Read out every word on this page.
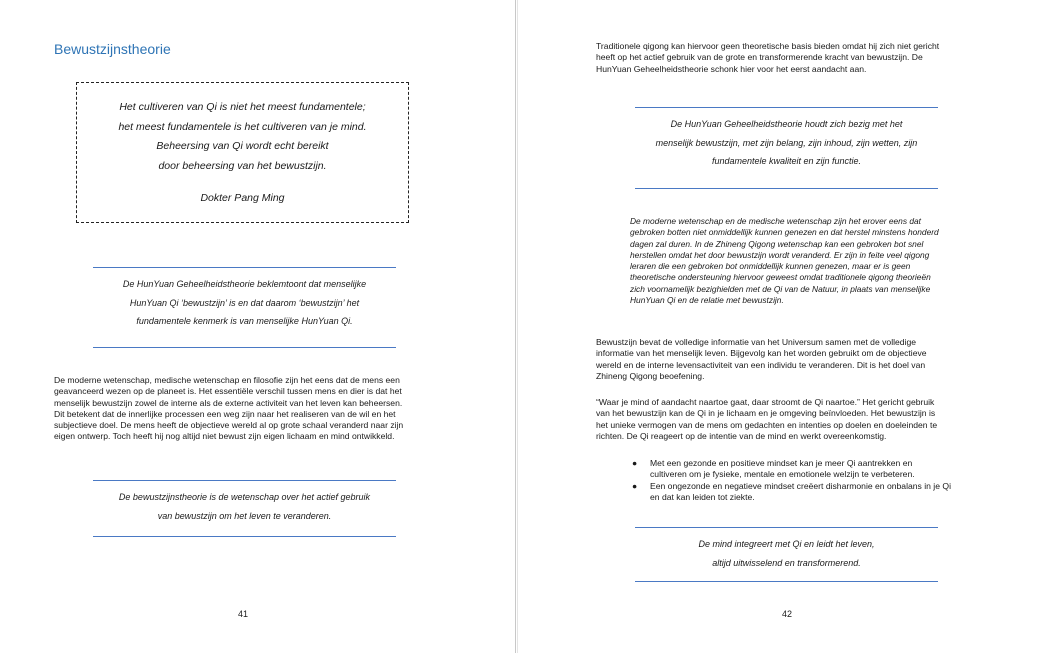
Bewustzijnstheorie
Het cultiveren van Qi is niet het meest fundamentele;
het meest fundamentele is het cultiveren van je mind.
Beheersing van Qi wordt echt bereikt
door beheersing van het bewustzijn.
Dokter Pang Ming
De HunYuan Geheelheidstheorie beklemtoont dat menselijke
HunYuan Qi ‘bewustzijn’ is en dat daarom ‘bewustzijn’ het
fundamentele kenmerk is van menselijke HunYuan Qi.

De moderne wetenschap, medische wetenschap en filosofie zijn het eens dat de mens een

geavanceerd wezen op de planeet is. Het essentiële verschil tussen mens en dier is dat het

menselijk bewustzijn zowel de interne als de externe activiteit van het leven kan beheersen.

Dit betekent dat de innerlijke processen een weg zijn naar het realiseren van de wil en het

subjectieve doel. De mens heeft de objectieve wereld al op grote schaal veranderd naar zijn

eigen ontwerp. Toch heeft hij nog altijd niet bewust zijn eigen lichaam en mind ontwikkeld.

De bewustzijnstheorie is de wetenschap over het actief gebruik
van bewustzijn om het leven te veranderen.
41

Traditionele qigong kan hiervoor geen theoretische basis bieden omdat hij zich niet gericht

heeft op het actief gebruik van de grote en transformerende kracht van bewustzijn. De

HunYuan Geheelheidstheorie schonk hier voor het eerst aandacht aan.

De HunYuan Geheelheidstheorie houdt zich bezig met het
menselijk bewustzijn, met zijn belang, zijn inhoud, zijn wetten, zijn
fundamentele kwaliteit en zijn functie.
De moderne wetenschap en de medische wetenschap zijn het erover eens dat
gebroken botten niet onmiddellijk kunnen genezen en dat herstel minstens honderd
dagen zal duren. In de Zhineng Qigong wetenschap kan een gebroken bot snel
herstellen omdat het door bewustzijn wordt veranderd. Er zijn in feite veel qigong
leraren die een gebroken bot onmiddellijk kunnen genezen, maar er is geen
theoretische ondersteuning hiervoor geweest omdat traditionele qigong theorieën
zich voornamelijk bezighielden met de Qi van de Natuur, in plaats van menselijke
HunYuan Qi en de relatie met bewustzijn.

Bewustzijn bevat de volledige informatie van het Universum samen met de volledige

informatie van het menselijk leven. Bijgevolg kan het worden gebruikt om de objectieve

wereld en de interne levensactiviteit van een individu te veranderen. Dit is het doel van

Zhineng Qigong beoefening.

“Waar je mind of aandacht naartoe gaat, daar stroomt de Qi naartoe.” Het gericht gebruik

van het bewustzijn kan de Qi in je lichaam en je omgeving beïnvloeden. Het bewustzijn is

het unieke vermogen van de mens om gedachten en intenties op doelen en doeleinden te

richten. De Qi reageert op de intentie van de mind en werkt overeenkomstig.

● Met een gezonde en positieve mindset kan je meer Qi aantrekken en
cultiveren om je fysieke, mentale en emotionele welzijn te verbeteren.
● Een ongezonde en negatieve mindset creëert disharmonie en onbalans in je Qi
en dat kan leiden tot ziekte.
De mind integreert met Qi en leidt het leven,
altijd uitwisselend en transformerend.
42
